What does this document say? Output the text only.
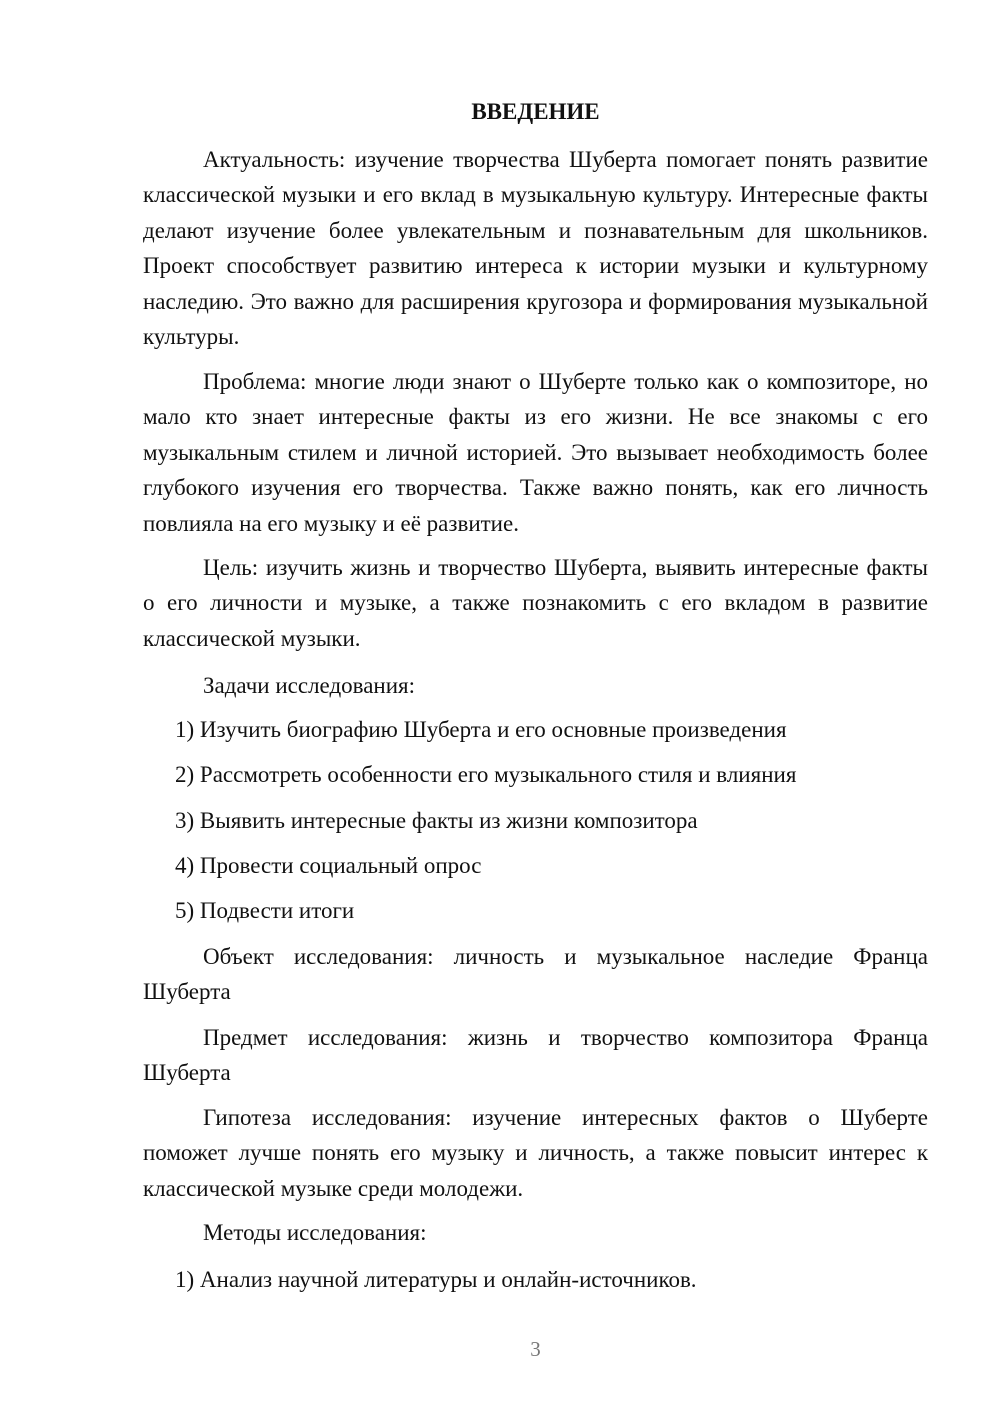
ВВЕДЕНИЕ

Актуальность: изучение творчества Шуберта помогает понять развитие классической музыки и его вклад в музыкальную культуру. Интересные факты делают изучение более увлекательным и познавательным для школьников. Проект способствует развитию интереса к истории музыки и культурному наследию. Это важно для расширения кругозора и формирования музыкальной культуры.

Проблема: многие люди знают о Шуберте только как о композиторе, но мало кто знает интересные факты из его жизни. Не все знакомы с его музыкальным стилем и личной историей. Это вызывает необходимость более глубокого изучения его творчества. Также важно понять, как его личность повлияла на его музыку и её развитие.

Цель: изучить жизнь и творчество Шуберта, выявить интересные факты о его личности и музыке, а также познакомить с его вкладом в развитие классической музыки.

Задачи исследования:

1) Изучить биографию Шуберта и его основные произведения

2) Рассмотреть особенности его музыкального стиля и влияния

3) Выявить интересные факты из жизни композитора

4) Провести социальный опрос

5) Подвести итоги

Объект исследования: личность и музыкальное наследие Франца Шуберта

Предмет исследования: жизнь и творчество композитора Франца Шуберта

Гипотеза исследования: изучение интересных фактов о Шуберте поможет лучше понять его музыку и личность, а также повысит интерес к классической музыке среди молодежи.

Методы исследования:

1) Анализ научной литературы и онлайн-источников.

3
